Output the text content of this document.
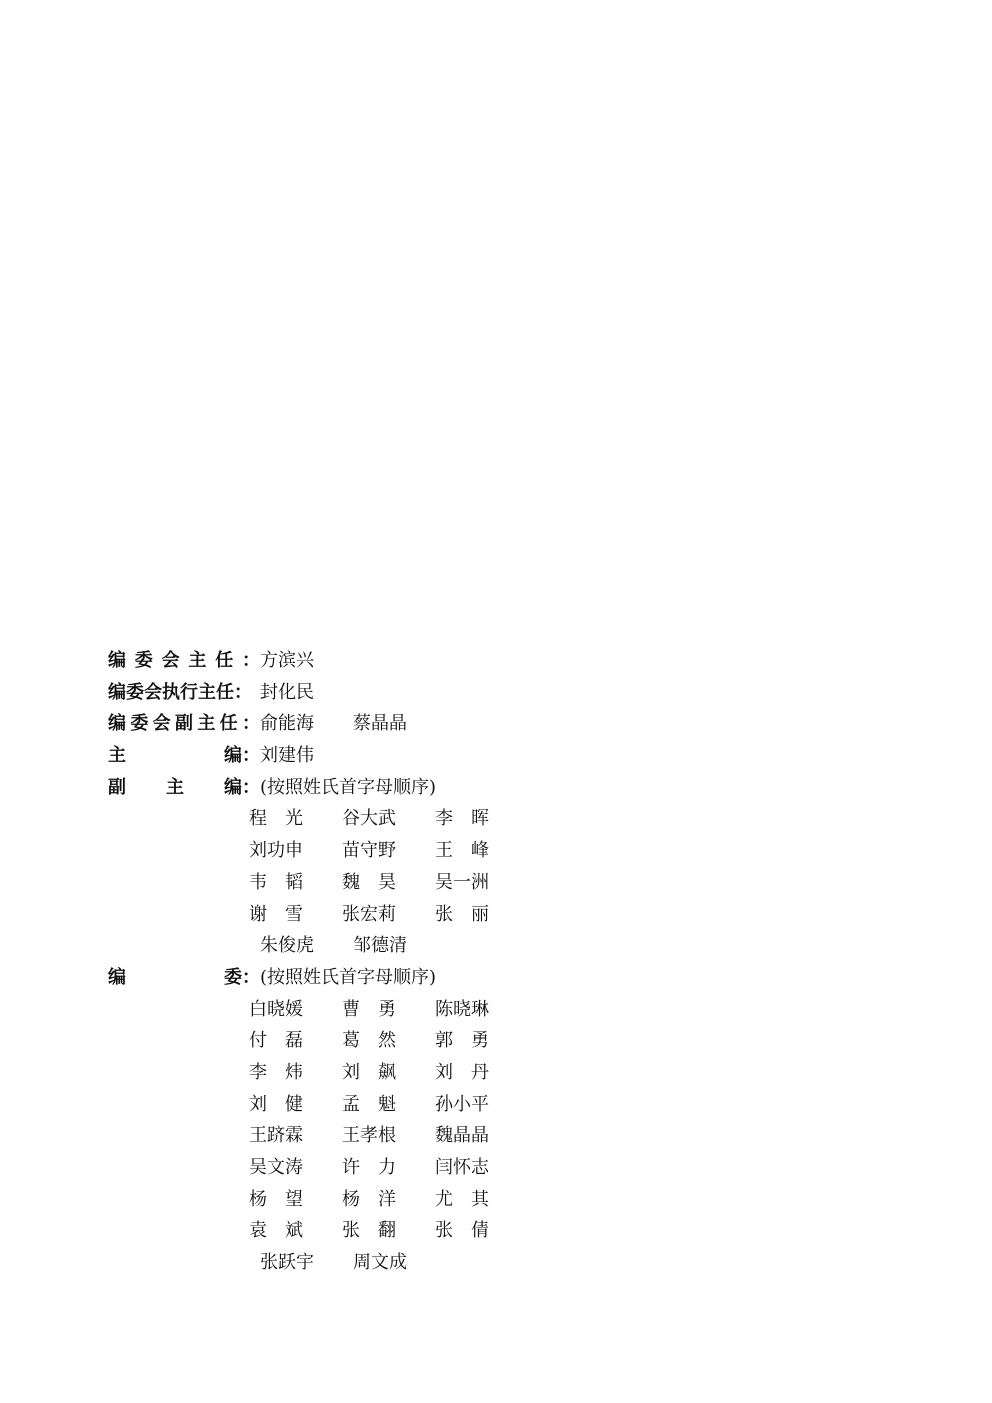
编 委 会 主 任 ： 方滨兴
编委会执行主任： 封化民
编 委 会 副 主 任 ： 俞能海	蔡晶晶
主	编： 刘建伟
副 主 编： (按照姓氏首字母顺序)
程　光	谷大武	李　晖
刘功申	苗守野	王　峰
韦　韬	魏　昊	吴一洲
谢　雪	张宏莉	张　丽
朱俊虎	邹德清
编	委： (按照姓氏首字母顺序)
白晓媛	曹　勇	陈晓琳
付　磊	葛　然	郭　勇
李　炜	刘　飙	刘　丹
刘　健	孟　魁	孙小平
王跻霖	王孝根	魏晶晶
吴文涛	许　力	闫怀志
杨　望	杨　洋	尤　其
袁　斌	张　翻	张　倩
张跃宇	周文成
